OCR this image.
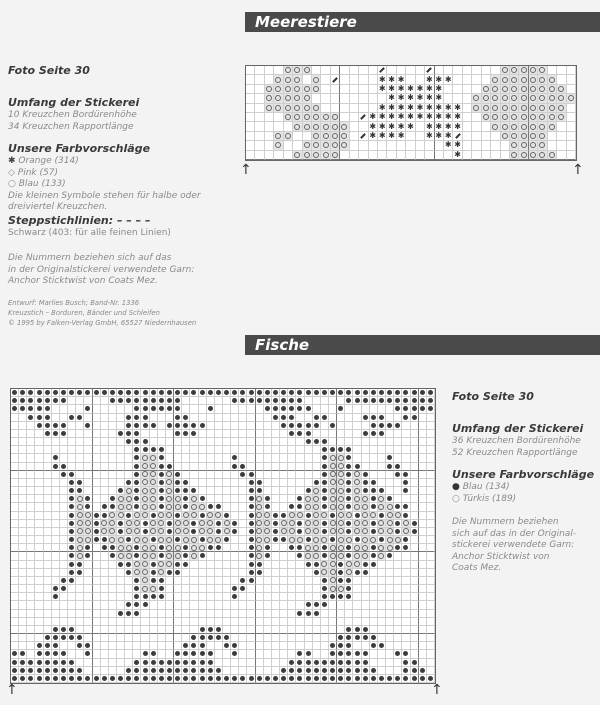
Meerestiere
Foto Seite 30
Umfang der Stickerei
10 Kreuzchen Bordürenhöhe
34 Kreuzchen Rapportlänge
Unsere Farbvorschläge
✱ Orange (314)
◇ Pink (57)
○ Blau (133)
Die kleinen Symbole stehen für halbe oder dreiviertel Kreuzchen.
Steppstichlinien: – – – –
Schwarz (403: für alle feinen Linien)
Die Nummern beziehen sich auf das
in der Originalstickerei verwendete Garn:
Anchor Sticktwist von Coats Mez.
Entwurf: Marlies Busch; Band-Nr. 1336
Kreuzstich – Borduren, Bänder und Schleifen
© 1995 by Falken-Verlag GmbH, 65527 Niedernhausen
✱ ✱ ✱	✱ ✱ ✱
✱ ✱ ✱ ✱ ✱ ✱ ✱
✱ ✱ ✱ ✱ ✱ ✱
✱ ✱ ✱ ✱ ✱ ✱ ✱ ✱ ✱
✱ ✱ ✱ ✱ ✱ ✱ ✱ ✱ ✱ ✱
✱ ✱ ✱ ✱ ✱ ✱ ✱ ✱ ✱
✱ ✱ ✱ ✱	✱ ✱ ✱
✱ ✱
✱
↑	↑
Fische
↑	↑
Foto Seite 30
Umfang der Stickerei
36 Kreuzchen Bordürenhöhe
52 Kreuzchen Rapportlänge
Unsere Farbvorschläge
● Blau (134)
○ Türkis (189)
Die Nummern beziehen
sich auf das in der Original-
stickerei verwendete Garn:
Anchor Sticktwist von
Coats Mez.
